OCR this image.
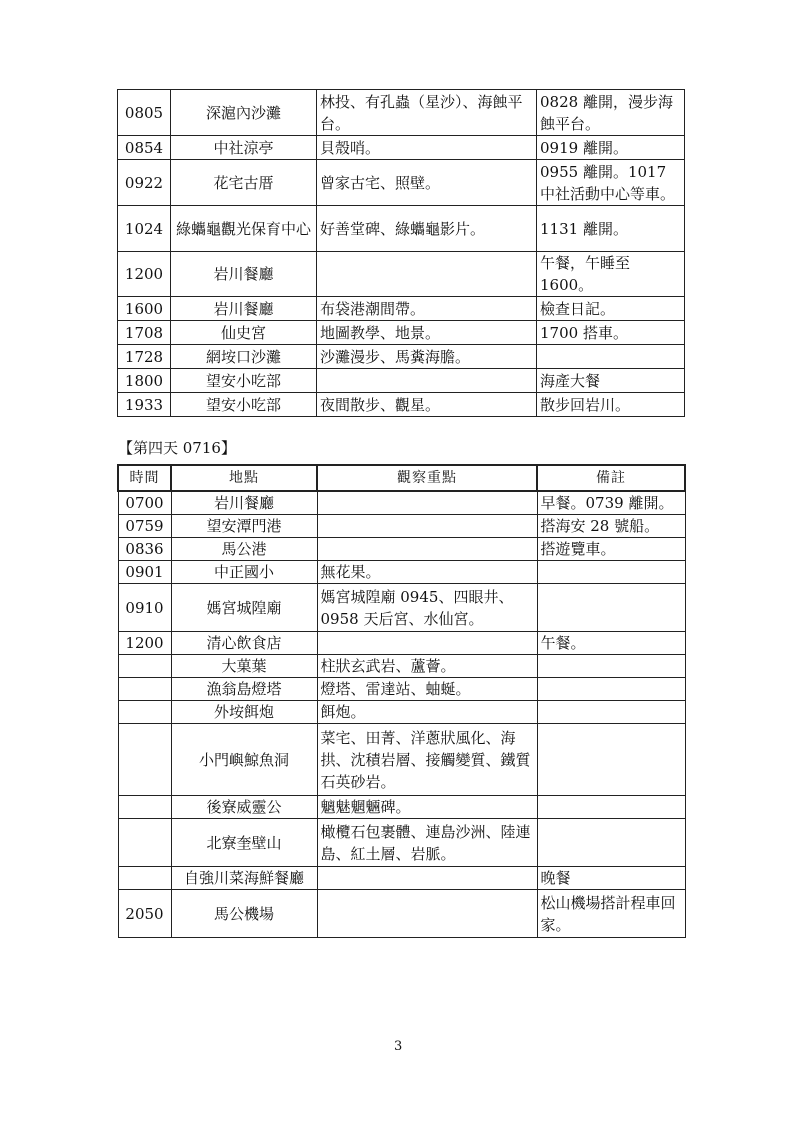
0805	深滬內沙灘	林投、有孔蟲（星沙）、海蝕平台。	0828 離開，漫步海蝕平台。
0854	中社涼亭	貝殼哨。	0919 離開。
0922	花宅古厝	曾家古宅、照壁。	0955 離開。1017 中社活動中心等車。
1024	綠蠵龜觀光保育中心	好善堂碑、綠蠵龜影片。	1131 離開。
1200	岩川餐廳		午餐，午睡至 1600。
1600	岩川餐廳	布袋港潮間帶。	檢查日記。
1708	仙史宮	地圖教學、地景。	1700 搭車。
1728	網垵口沙灘	沙灘漫步、馬糞海膽。	
1800	望安小吃部		海產大餐
1933	望安小吃部	夜間散步、觀星。	散步回岩川。
【第四天 0716】
時間	地點	觀察重點	備註
0700	岩川餐廳		早餐。0739 離開。
0759	望安潭門港		搭海安 28 號船。
0836	馬公港		搭遊覽車。
0901	中正國小	無花果。	
0910	媽宮城隍廟	媽宮城隍廟 0945、四眼井、0958 天后宮、水仙宮。	
1200	清心飲食店		午餐。
	大菓葉	柱狀玄武岩、蘆薈。	
	漁翁島燈塔	燈塔、雷達站、蚰蜒。	
	外垵餌炮	餌炮。	
	小門嶼鯨魚洞	菜宅、田菁、洋蔥狀風化、海拱、沈積岩層、接觸變質、鐵質石英砂岩。	
	後寮威靈公	魑魅魍魎碑。	
	北寮奎壁山	橄欖石包裹體、連島沙洲、陸連島、紅土層、岩脈。	
	自強川菜海鮮餐廳		晚餐
2050	馬公機場		松山機場搭計程車回家。
3
